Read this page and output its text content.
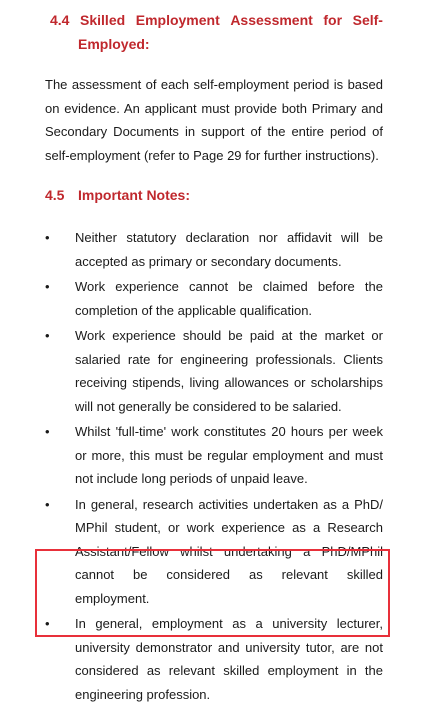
4.4 Skilled Employment Assessment for Self-
Employed:

The assessment of each self-employment period is based on evidence. An applicant must provide both Primary and Secondary Documents in support of the entire period of self-employment (refer to Page 29 for further instructions).

4.5 Important Notes:
•	Neither statutory declaration nor affidavit will be accepted as primary or secondary documents.
•	Work experience cannot be claimed before the completion of the applicable qualification.
•	Work experience should be paid at the market or salaried rate for engineering professionals. Clients receiving stipends, living allowances or scholarships will not generally be considered to be salaried.
•	Whilst 'full-time' work constitutes 20 hours per week or more, this must be regular employment and must not include long periods of unpaid leave.
•	In general, research activities undertaken as a PhD/ MPhil student, or work experience as a Research Assistant/Fellow whilst undertaking a PhD/MPhil cannot be considered as relevant skilled employment.
•	In general, employment as a university lecturer, university demonstrator and university tutor, are not considered as relevant skilled employment in the engineering profession.
